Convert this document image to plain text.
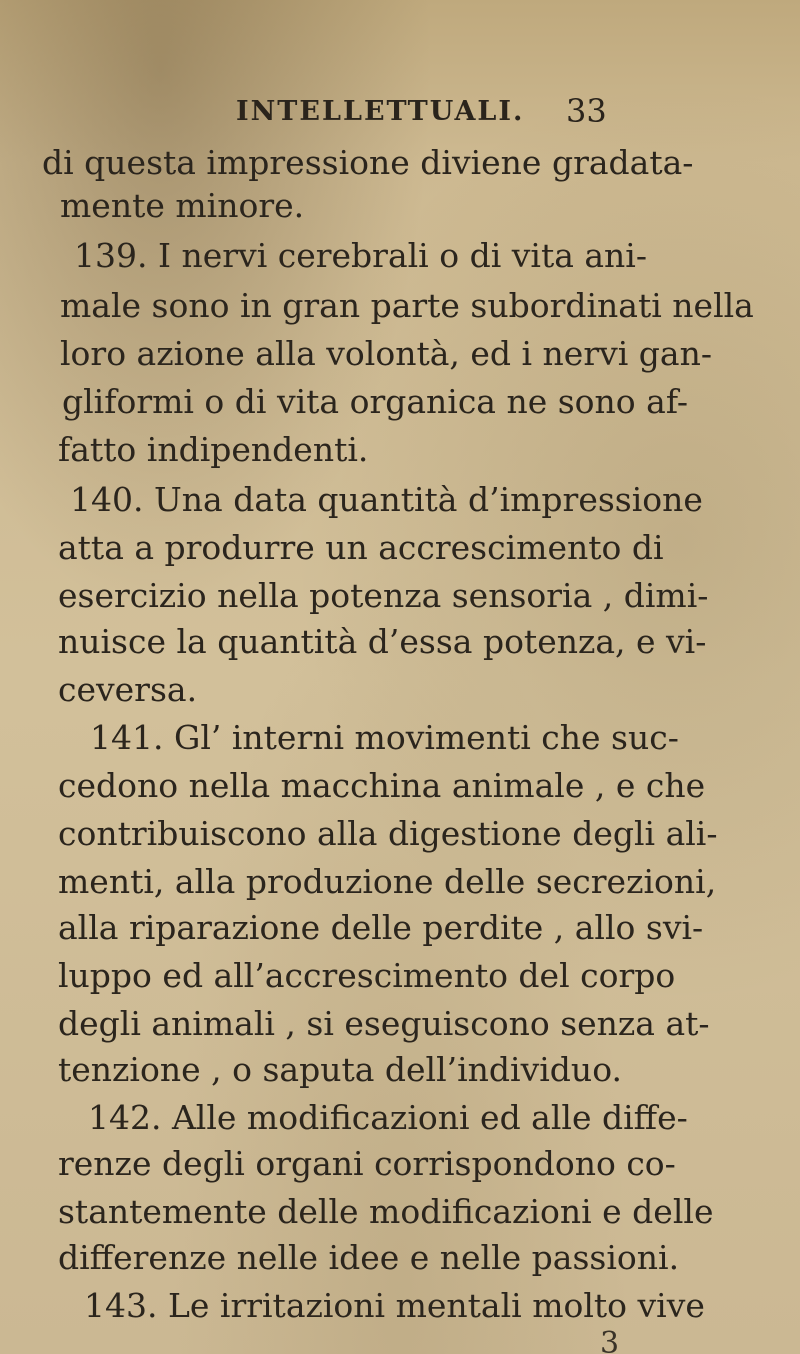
INTELLETTUALI. 33
di questa impressione diviene gradata-
mente minore.
139. I nervi cerebrali o di vita ani-
male sono in gran parte subordinati nella
loro azione alla volontà, ed i nervi gan-
gliformi o di vita organica ne sono af-
fatto indipendenti.
140. Una data quantità d’impressione
atta a produrre un accrescimento di
esercizio nella potenza sensoria , dimi-
nuisce la quantità d’essa potenza, e vi-
ceversa.
141. Gl’ interni movimenti che suc-
cedono nella macchina animale , e che
contribuiscono alla digestione degli ali-
menti, alla produzione delle secrezioni,
alla riparazione delle perdite , allo svi-
luppo ed all’accrescimento del corpo
degli animali , si eseguiscono senza at-
tenzione , o saputa dell’individuo.
142. Alle modificazioni ed alle diffe-
renze degli organi corrispondono co-
stantemente delle modificazioni e delle
differenze nelle idee e nelle passioni.
143. Le irritazioni mentali molto vive
3
